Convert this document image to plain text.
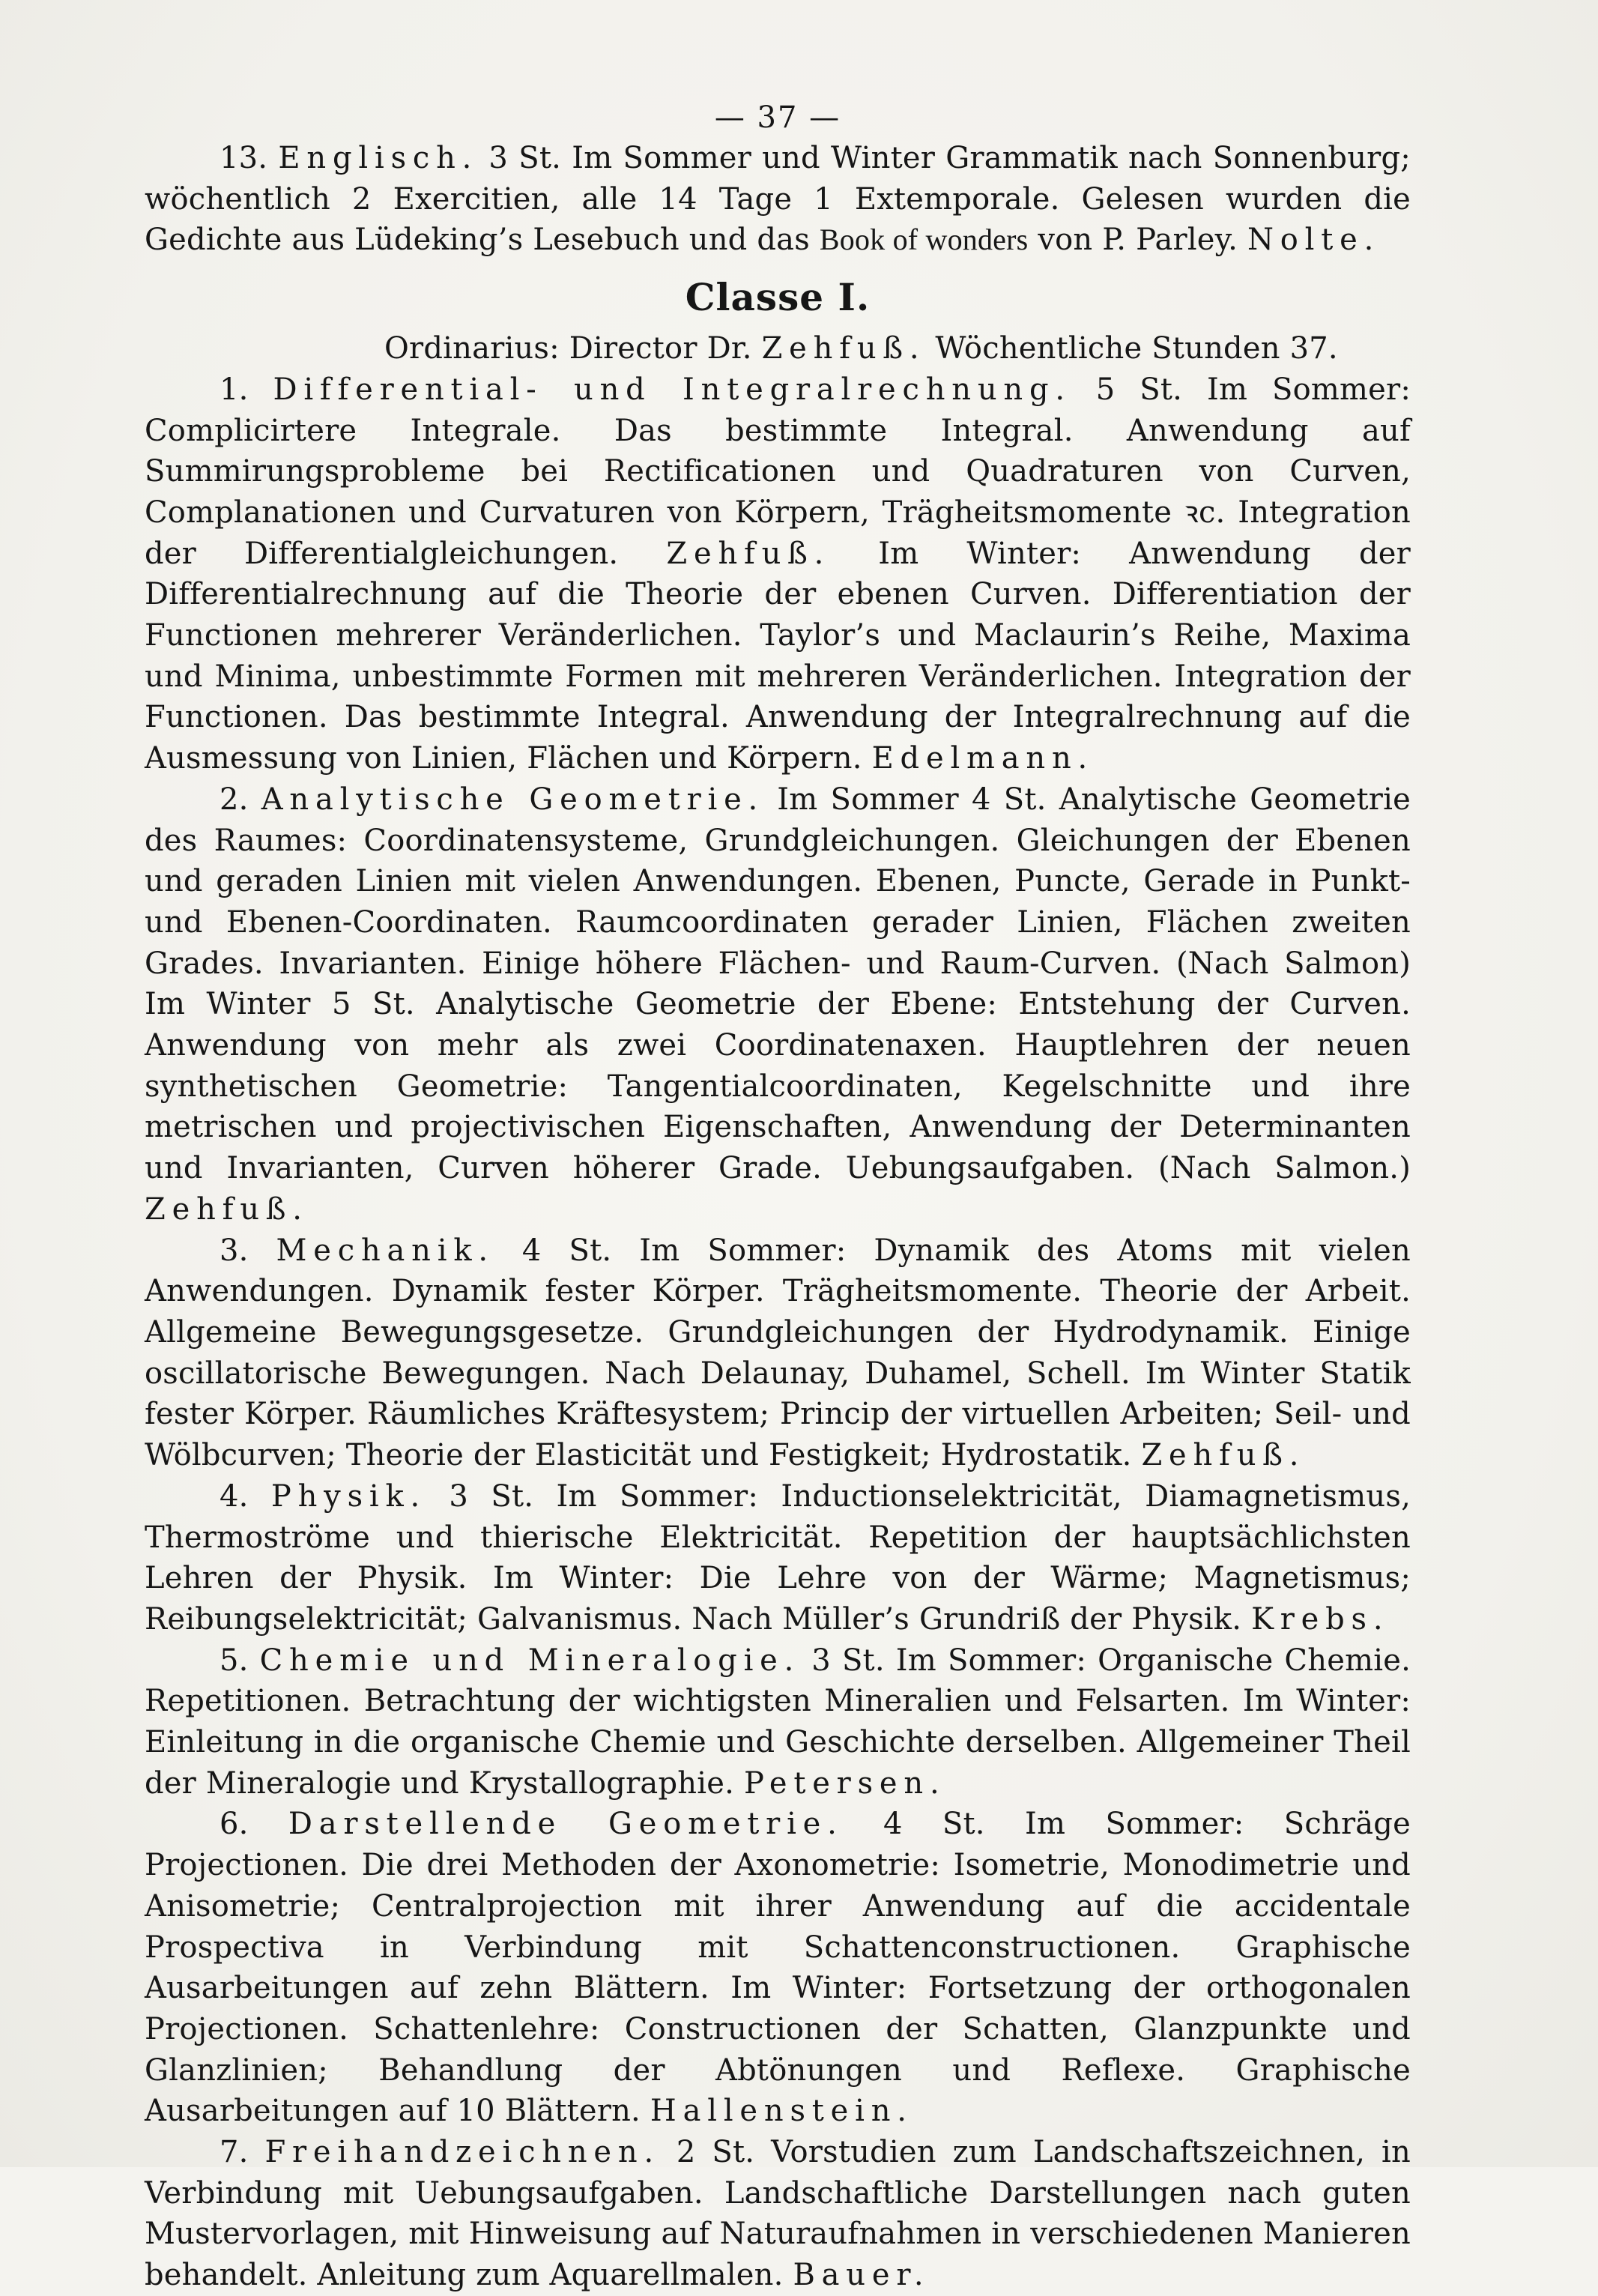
— 37 —

13. Englisch. 3 St. Im Sommer und Winter Grammatik nach Sonnenburg; wöchentlich 2 Exercitien, alle 14 Tage 1 Extemporale. Gelesen wurden die Gedichte aus Lüdeking’s Lesebuch und das Book of wonders von P. Parley. Nolte.

Classe I.

Ordinarius: Director Dr. Zehfuß. Wöchentliche Stunden 37.

1. Differential- und Integralrechnung. 5 St. Im Sommer: Complicirtere Integrale. Das bestimmte Integral. Anwendung auf Summirungsprobleme bei Rectificationen und Quadraturen von Curven, Complanationen und Curvaturen von Körpern, Trägheitsmomente ꝛc. Integration der Differentialgleichungen. Zehfuß. Im Winter: Anwendung der Differentialrechnung auf die Theorie der ebenen Curven. Differentiation der Functionen mehrerer Veränderlichen. Taylor’s und Maclaurin’s Reihe, Maxima und Minima, unbestimmte Formen mit mehreren Veränderlichen. Integration der Functionen. Das bestimmte Integral. Anwendung der Integralrechnung auf die Ausmessung von Linien, Flächen und Körpern. Edelmann.

2. Analytische Geometrie. Im Sommer 4 St. Analytische Geometrie des Raumes: Coordinatensysteme, Grundgleichungen. Gleichungen der Ebenen und geraden Linien mit vielen Anwendungen. Ebenen, Puncte, Gerade in Punkt- und Ebenen-Coordinaten. Raumcoordinaten gerader Linien, Flächen zweiten Grades. Invarianten. Einige höhere Flächen- und Raum-Curven. (Nach Salmon) Im Winter 5 St. Analytische Geometrie der Ebene: Entstehung der Curven. Anwendung von mehr als zwei Coordinatenaxen. Hauptlehren der neuen synthetischen Geometrie: Tangentialcoordinaten, Kegelschnitte und ihre metrischen und projectivischen Eigenschaften, Anwendung der Determinanten und Invarianten, Curven höherer Grade. Uebungsaufgaben. (Nach Salmon.) Zehfuß.

3. Mechanik. 4 St. Im Sommer: Dynamik des Atoms mit vielen Anwendungen. Dynamik fester Körper. Trägheitsmomente. Theorie der Arbeit. Allgemeine Bewegungsgesetze. Grundgleichungen der Hydrodynamik. Einige oscillatorische Bewegungen. Nach Delaunay, Duhamel, Schell. Im Winter Statik fester Körper. Räumliches Kräftesystem; Princip der virtuellen Arbeiten; Seil- und Wölbcurven; Theorie der Elasticität und Festigkeit; Hydrostatik. Zehfuß.

4. Physik. 3 St. Im Sommer: Inductionselektricität, Diamagnetismus, Thermoströme und thierische Elektricität. Repetition der hauptsächlichsten Lehren der Physik. Im Winter: Die Lehre von der Wärme; Magnetismus; Reibungselektricität; Galvanismus. Nach Müller’s Grundriß der Physik. Krebs.

5. Chemie und Mineralogie. 3 St. Im Sommer: Organische Chemie. Repetitionen. Betrachtung der wichtigsten Mineralien und Felsarten. Im Winter: Einleitung in die organische Chemie und Geschichte derselben. Allgemeiner Theil der Mineralogie und Krystallographie. Petersen.

6. Darstellende Geometrie. 4 St. Im Sommer: Schräge Projectionen. Die drei Methoden der Axonometrie: Isometrie, Monodimetrie und Anisometrie; Centralprojection mit ihrer Anwendung auf die accidentale Prospectiva in Verbindung mit Schattenconstructionen. Graphische Ausarbeitungen auf zehn Blättern. Im Winter: Fortsetzung der orthogonalen Projectionen. Schattenlehre: Constructionen der Schatten, Glanzpunkte und Glanzlinien; Behandlung der Abtönungen und Reflexe. Graphische Ausarbeitungen auf 10 Blättern. Hallenstein.

7. Freihandzeichnen. 2 St. Vorstudien zum Landschaftszeichnen, in Verbindung mit Uebungsaufgaben. Landschaftliche Darstellungen nach guten Mustervorlagen, mit Hinweisung auf Naturaufnahmen in verschiedenen Manieren behandelt. Anleitung zum Aquarellmalen. Bauer.
